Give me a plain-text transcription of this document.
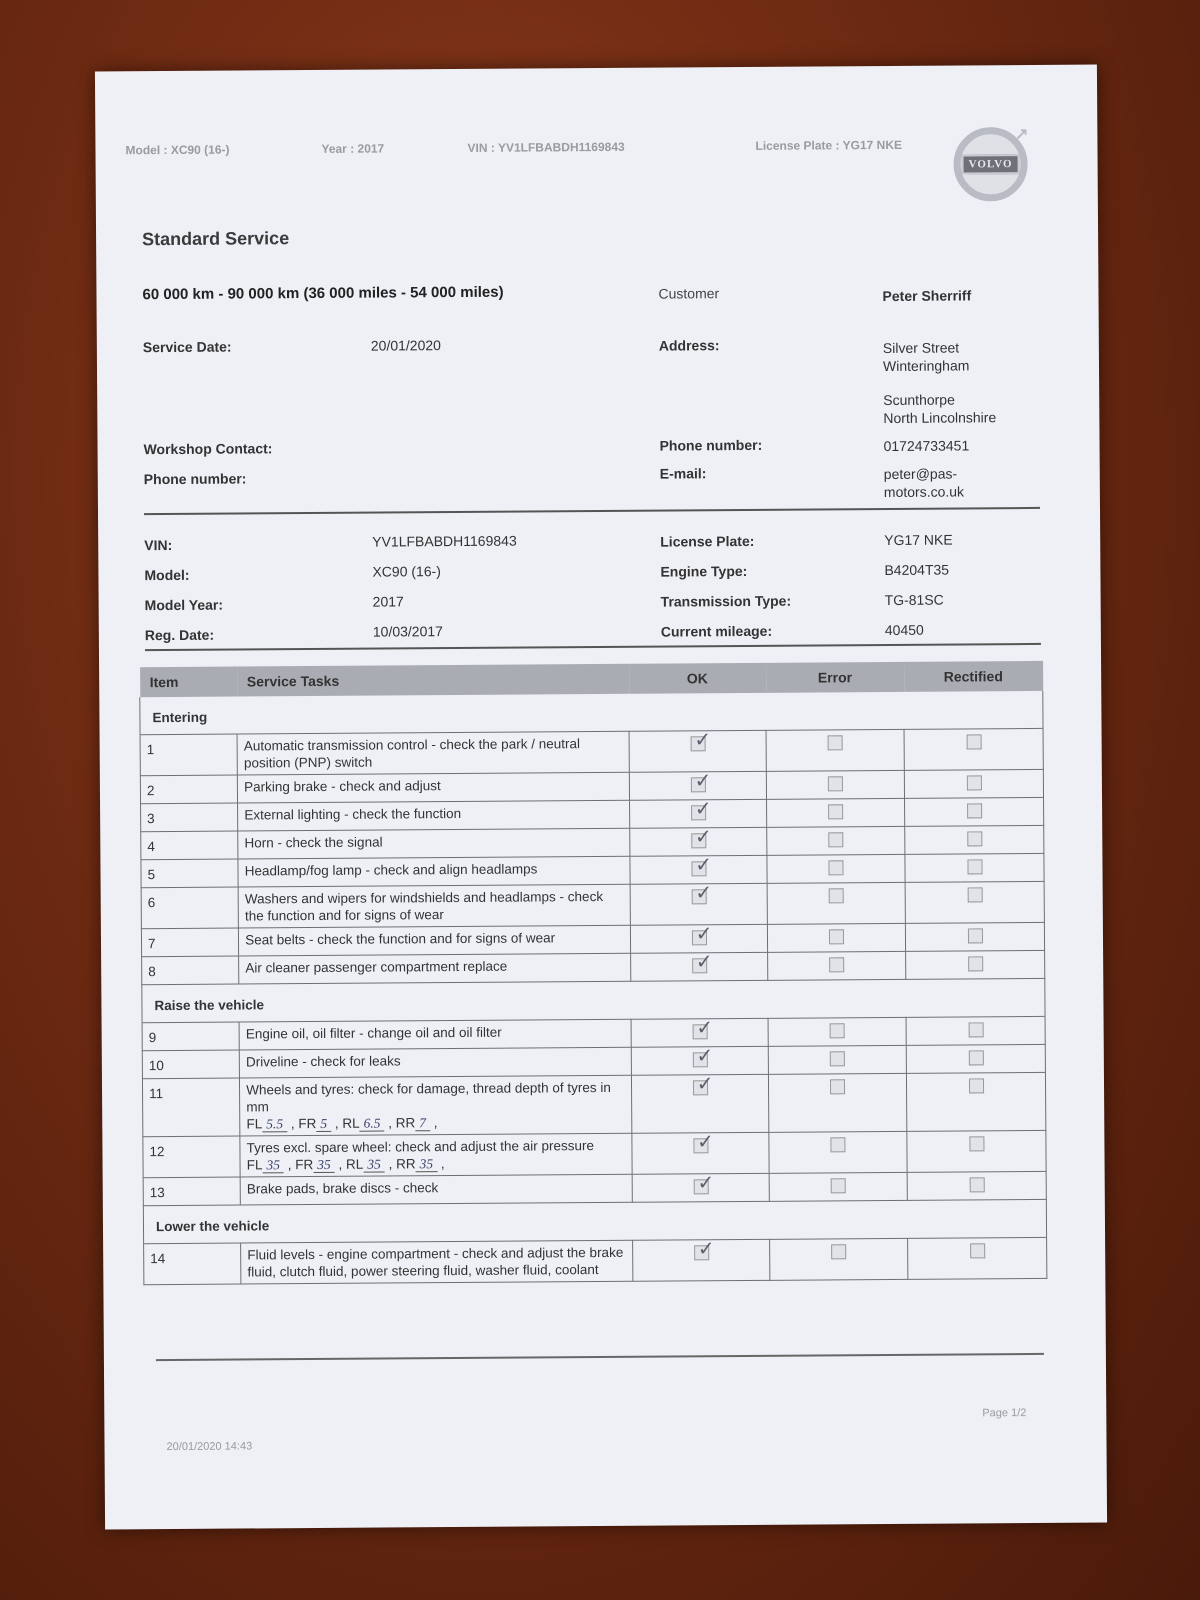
Model : XC90 (16-)	Year : 2017	VIN : YV1LFBABDH1169843	License Plate : YG17 NKE
↗
VOLVO
Standard Service
60 000 km - 90 000 km (36 000 miles - 54 000 miles)
Service Date:	20/01/2020
Customer	Peter Sherriff
Address:	Silver Street
Winteringham
Scunthorpe
North Lincolnshire
Workshop Contact:
Phone number:
Phone number:	01724733451
E-mail:	peter@pas-
motors.co.uk
VIN:	YV1LFBABDH1169843
Model:	XC90 (16-)
Model Year:	2017
Reg. Date:	10/03/2017
License Plate:	YG17 NKE
Engine Type:	B4204T35
Transmission Type:	TG-81SC
Current mileage:	40450
Item	Service Tasks	OK	Error	Rectified
Entering				
1	Automatic transmission control - check the park / neutral position (PNP) switch	✓		

2	Parking brake - check and adjust	✓		

3	External lighting - check the function	✓		

4	Horn - check the signal	✓		

5	Headlamp/fog lamp - check and align headlamps	✓		

6	Washers and wipers for windshields and headlamps - check the function and for signs of wear	✓		

7	Seat belts - check the function and for signs of wear	✓		

8	Air cleaner passenger compartment replace	✓		

Raise the vehicle				
9	Engine oil, oil filter - change oil and oil filter	✓		

10	Driveline - check for leaks	✓		

11	Wheels and tyres: check for damage, thread depth of tyres in mm
FL 5.5 , FR 5 , RL 6.5 , RR 7 ,	✓		

12	Tyres excl. spare wheel: check and adjust the air pressure
FL 35 , FR 35 , RL 35 , RR 35 ,	✓		

13	Brake pads, brake discs - check	✓		

Lower the vehicle				
14	Fluid levels - engine compartment - check and adjust the brake fluid, clutch fluid, power steering fluid, washer fluid, coolant	✓		

Page 1/2
20/01/2020 14:43
